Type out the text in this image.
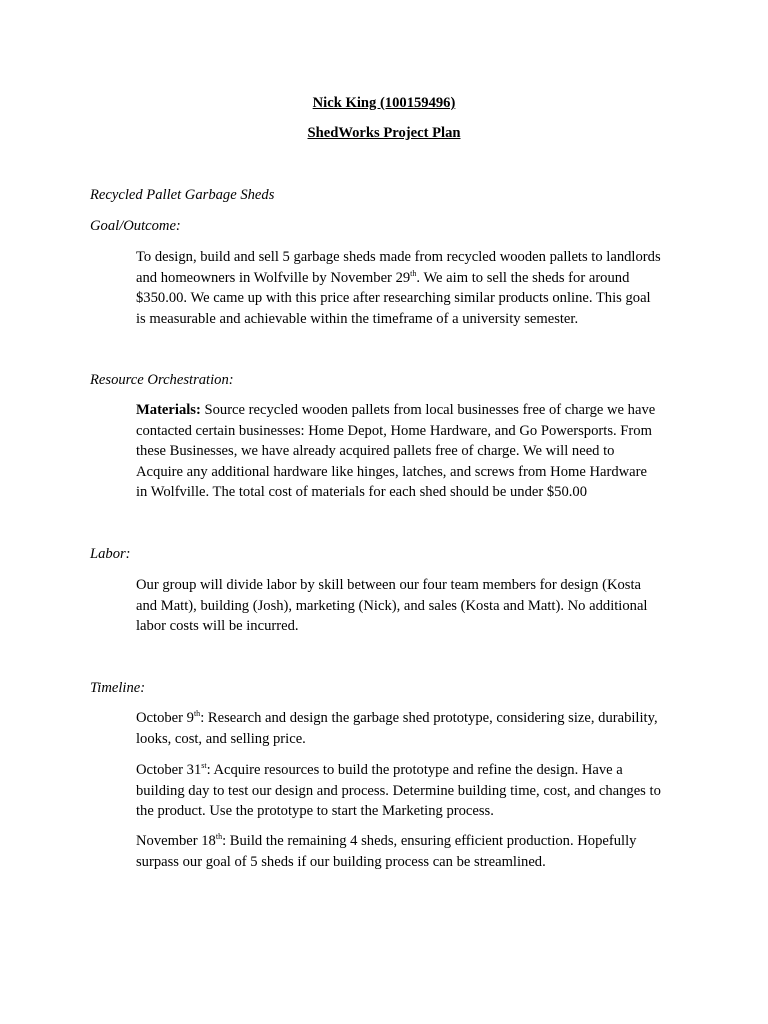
Nick King (100159496)
ShedWorks Project Plan
Recycled Pallet Garbage Sheds
Goal/Outcome:
To design, build and sell 5 garbage sheds made from recycled wooden pallets to landlords
and homeowners in Wolfville by November 29th. We aim to sell the sheds for around
$350.00. We came up with this price after researching similar products online. This goal
is measurable and achievable within the timeframe of a university semester.
Resource Orchestration:
Materials: Source recycled wooden pallets from local businesses free of charge we have
contacted certain businesses: Home Depot, Home Hardware, and Go Powersports. From
these Businesses, we have already acquired pallets free of charge. We will need to
Acquire any additional hardware like hinges, latches, and screws from Home Hardware
in Wolfville. The total cost of materials for each shed should be under $50.00
Labor:
Our group will divide labor by skill between our four team members for design (Kosta
and Matt), building (Josh), marketing (Nick), and sales (Kosta and Matt). No additional
labor costs will be incurred.
Timeline:
October 9th: Research and design the garbage shed prototype, considering size, durability,
looks, cost, and selling price.
October 31st: Acquire resources to build the prototype and refine the design. Have a
building day to test our design and process. Determine building time, cost, and changes to
the product. Use the prototype to start the Marketing process.
November 18th: Build the remaining 4 sheds, ensuring efficient production. Hopefully
surpass our goal of 5 sheds if our building process can be streamlined.
